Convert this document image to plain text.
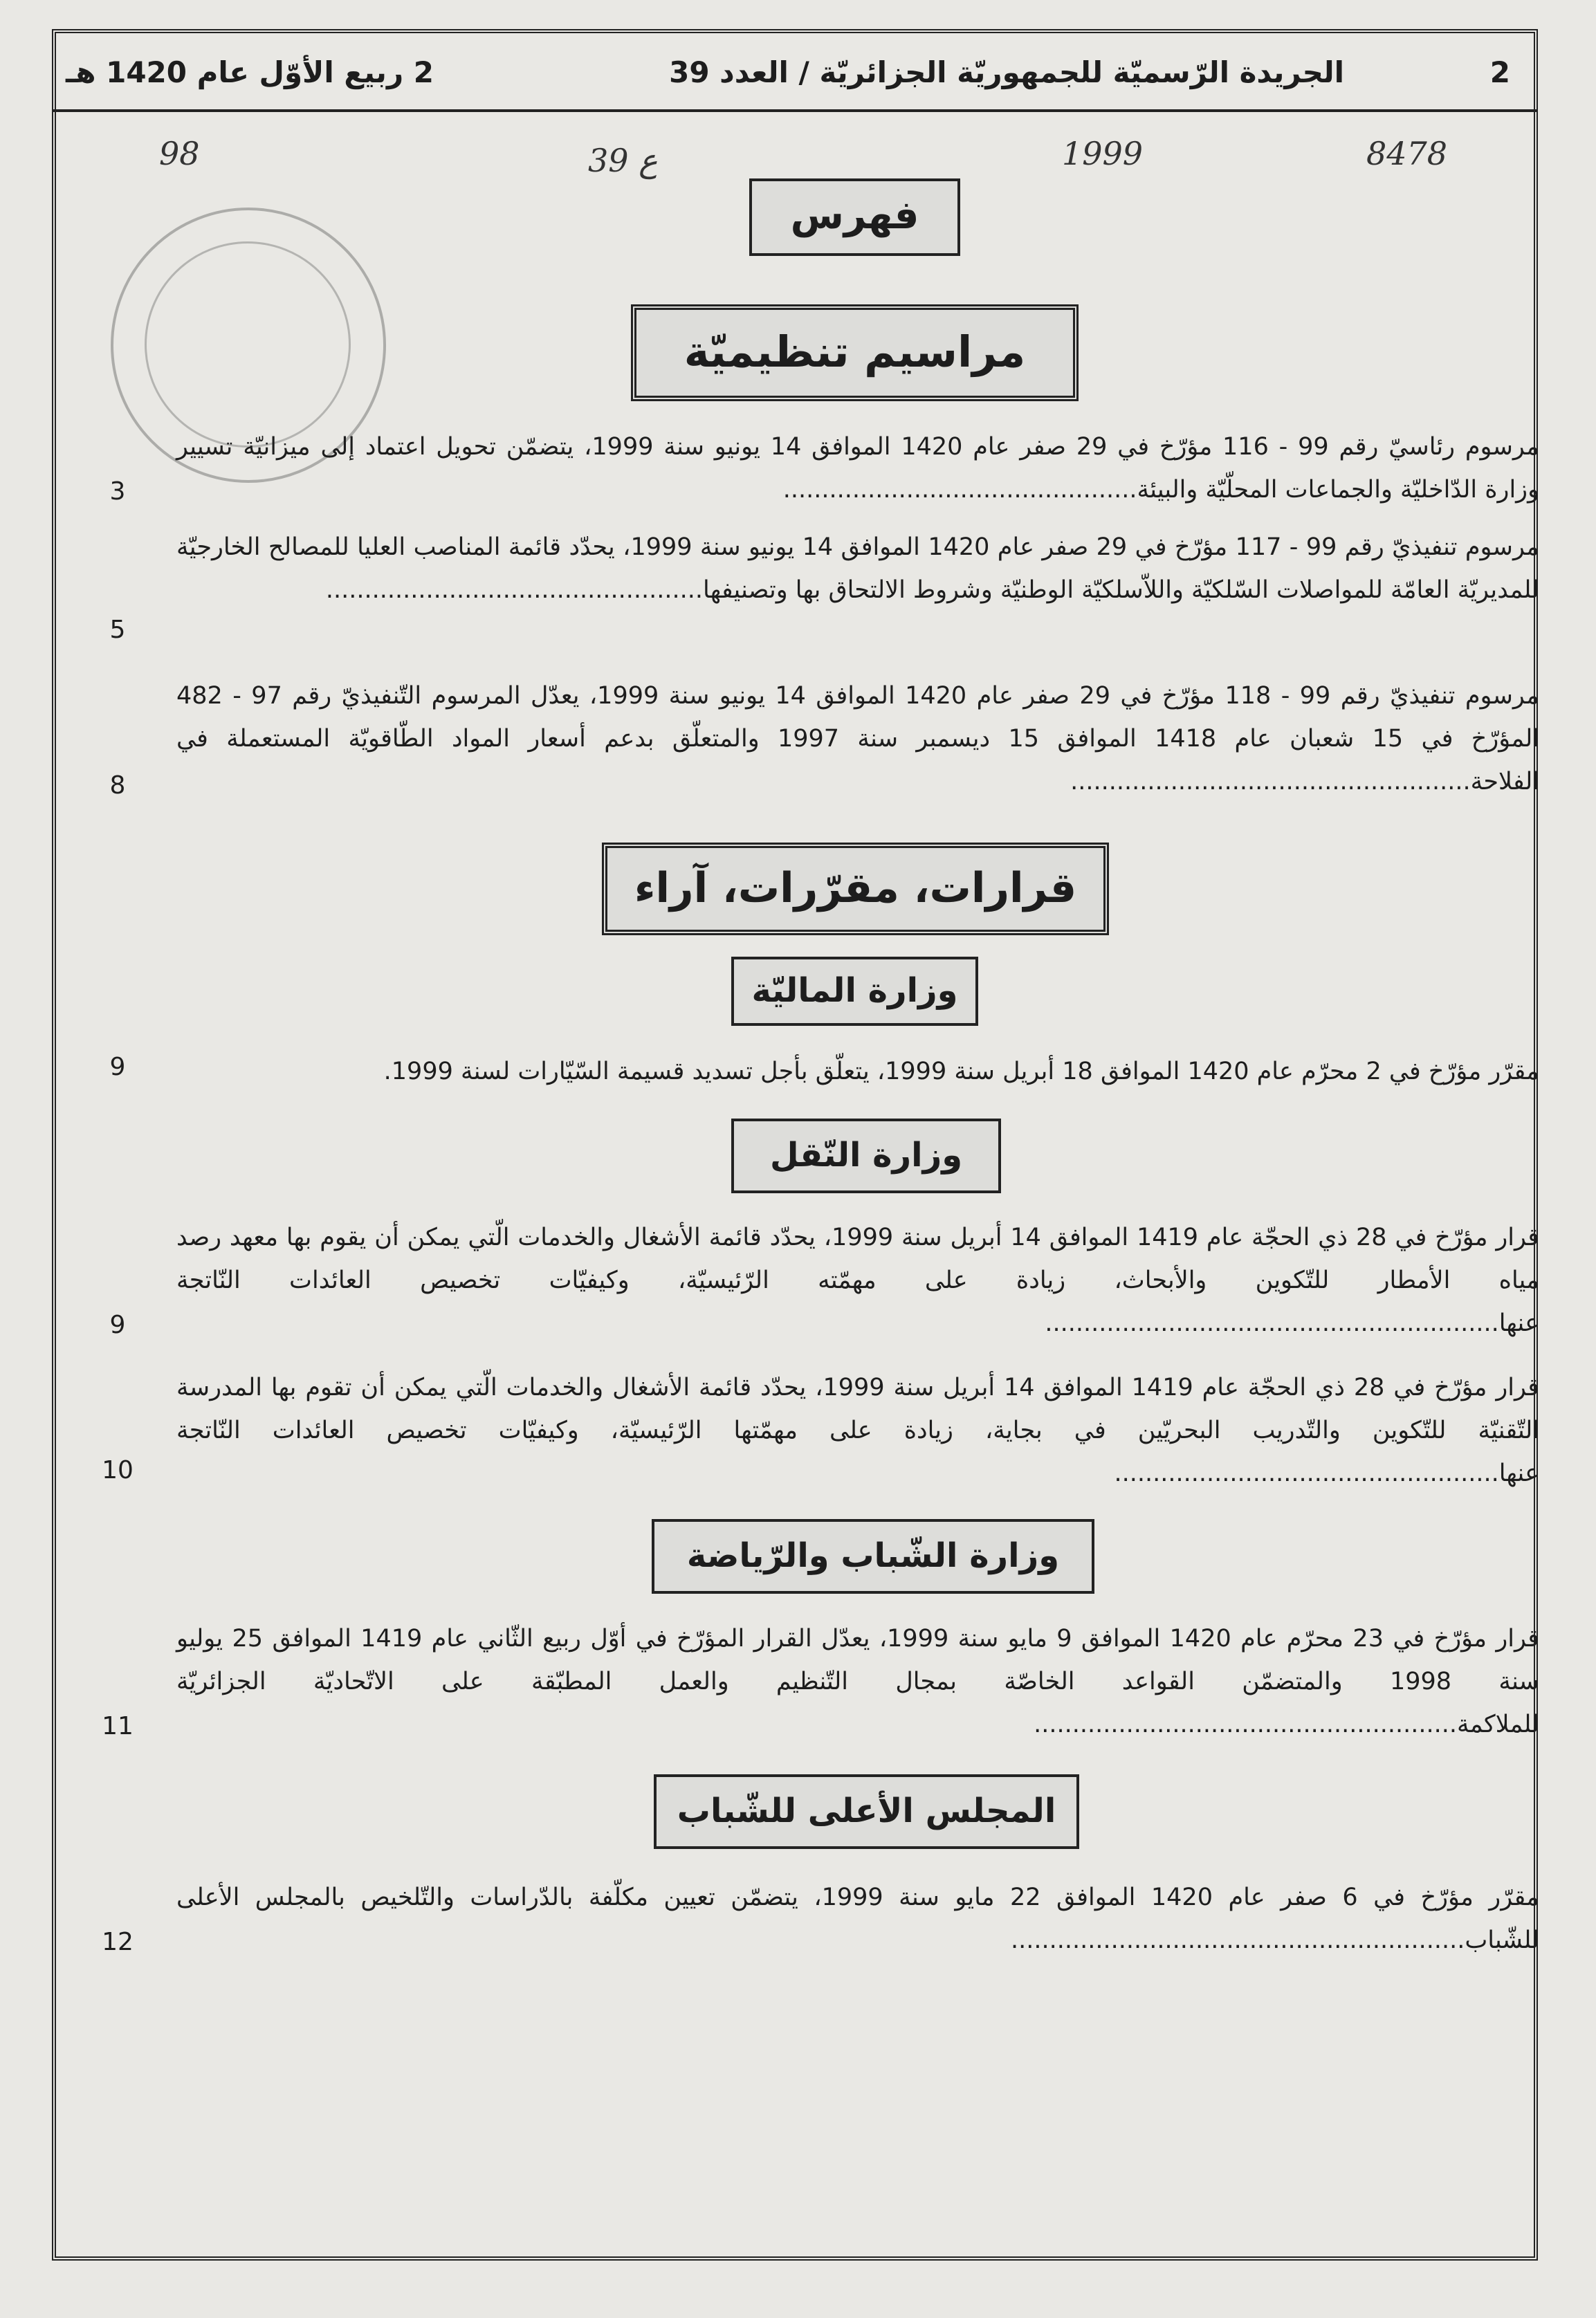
2
الجريدة الرّسميّة للجمهوريّة الجزائريّة / العدد 39
2 ربيع الأوّل عام 1420 هـ
8478
1999
ع 39
98
فهرس
مراسيم تنظيميّة
مرسوم رئاسيّ رقم 99 - 116 مؤرّخ في 29 صفر عام 1420 الموافق 14 يونيو سنة 1999، يتضمّن تحويل اعتماد إلى ميزانيّة تسيير وزارة الدّاخليّة والجماعات المحلّيّة والبيئة..............................................
3
مرسوم تنفيذيّ رقم 99 - 117 مؤرّخ في 29 صفر عام 1420 الموافق 14 يونيو سنة 1999، يحدّد قائمة المناصب العليا للمصالح الخارجيّة للمديريّة العامّة للمواصلات السّلكيّة واللاّسلكيّة الوطنيّة وشروط الالتحاق بها وتصنيفها.................................................
5
مرسوم تنفيذيّ رقم 99 - 118 مؤرّخ في 29 صفر عام 1420 الموافق 14 يونيو سنة 1999، يعدّل المرسوم التّنفيذيّ رقم 97 - 482 المؤرّخ في 15 شعبان عام 1418 الموافق 15 ديسمبر سنة 1997 والمتعلّق بدعم أسعار المواد الطّاقويّة المستعملة في الفلاحة....................................................
8
قرارات، مقرّرات، آراء
وزارة الماليّة
مقرّر مؤرّخ في 2 محرّم عام 1420 الموافق 18 أبريل سنة 1999، يتعلّق بأجل تسديد قسيمة السّيّارات لسنة 1999.
9
وزارة النّقل
قرار مؤرّخ في 28 ذي الحجّة عام 1419 الموافق 14 أبريل سنة 1999، يحدّد قائمة الأشغال والخدمات الّتي يمكن أن يقوم بها معهد رصد مياه الأمطار للتّكوين والأبحاث، زيادة على مهمّته الرّئيسيّة، وكيفيّات تخصيص العائدات النّاتجة عنها...........................................................
9
قرار مؤرّخ في 28 ذي الحجّة عام 1419 الموافق 14 أبريل سنة 1999، يحدّد قائمة الأشغال والخدمات الّتي يمكن أن تقوم بها المدرسة التّقنيّة للتّكوين والتّدريب البحريّين في بجاية، زيادة على مهمّتها الرّئيسيّة، وكيفيّات تخصيص العائدات النّاتجة عنها..................................................
10
وزارة الشّباب والرّياضة
قرار مؤرّخ في 23 محرّم عام 1420 الموافق 9 مايو سنة 1999، يعدّل القرار المؤرّخ في أوّل ربيع الثّاني عام 1419 الموافق 25 يوليو سنة 1998 والمتضمّن القواعد الخاصّة بمجال التّنظيم والعمل المطبّقة على الاتّحاديّة الجزائريّة للملاكمة.......................................................
11
المجلس الأعلى للشّباب
مقرّر مؤرّخ في 6 صفر عام 1420 الموافق 22 مايو سنة 1999، يتضمّن تعيين مكلّفة بالدّراسات والتّلخيص بالمجلس الأعلى للشّباب...........................................................
12
